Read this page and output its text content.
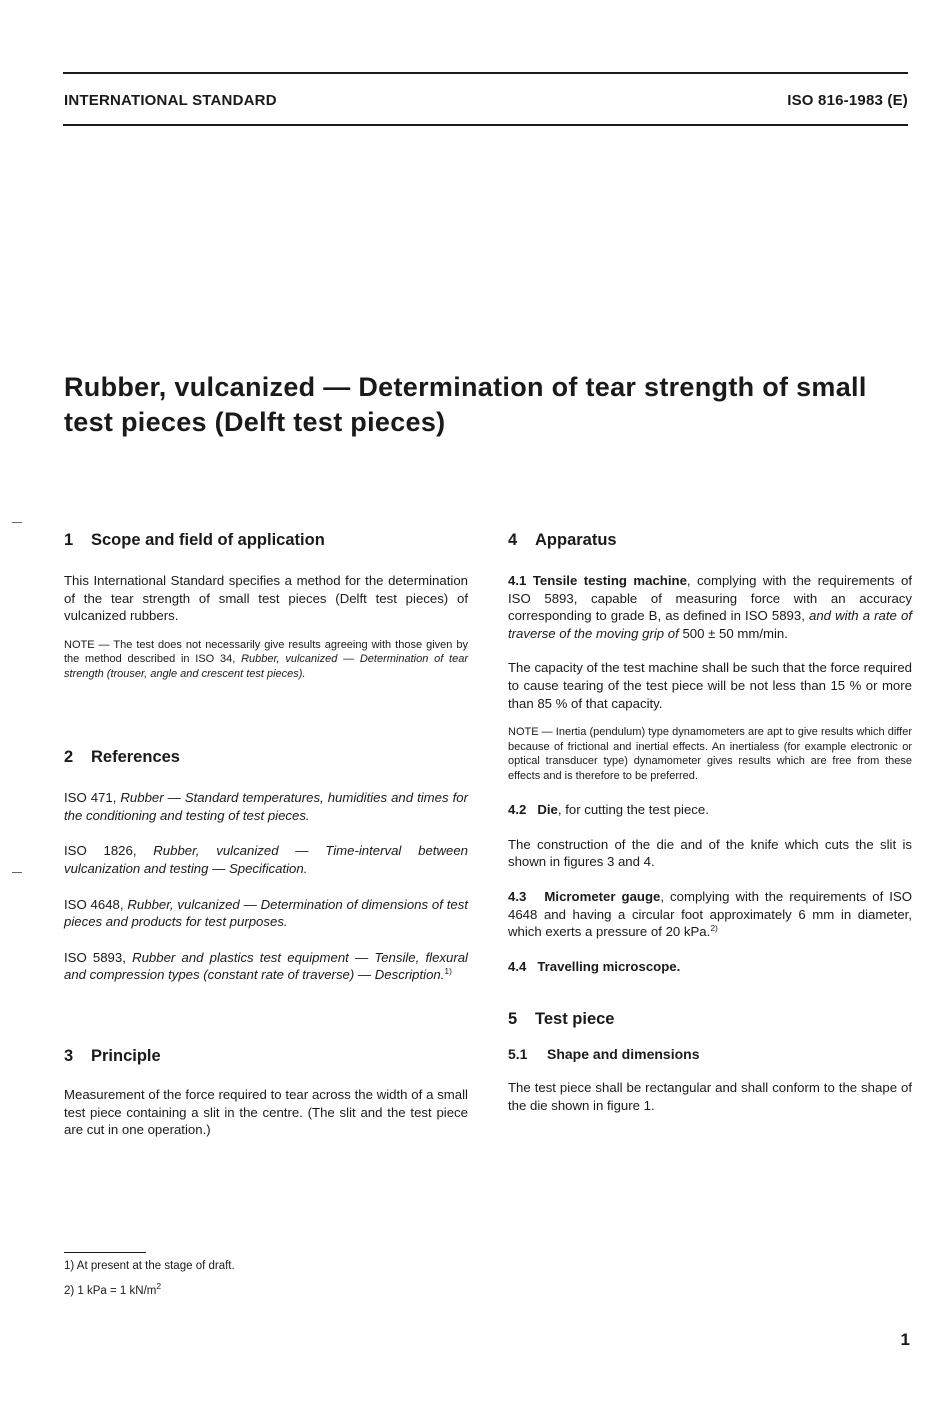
INTERNATIONAL STANDARD	ISO 816-1983 (E)
Rubber, vulcanized — Determination of tear strength of small test pieces (Delft test pieces)
1 Scope and field of application

This International Standard specifies a method for the determination of the tear strength of small test pieces (Delft test pieces) of vulcanized rubbers.

NOTE — The test does not necessarily give results agreeing with those given by the method described in ISO 34, Rubber, vulcanized — Determination of tear strength (trouser, angle and crescent test pieces).

2 References

ISO 471, Rubber — Standard temperatures, humidities and times for the conditioning and testing of test pieces.

ISO 1826, Rubber, vulcanized — Time-interval between vulcanization and testing — Specification.

ISO 4648, Rubber, vulcanized — Determination of dimensions of test pieces and products for test purposes.

ISO 5893, Rubber and plastics test equipment — Tensile, flexural and compression types (constant rate of traverse) — Description.$^{1)}$

3 Principle

Measurement of the force required to tear across the width of a small test piece containing a slit in the centre. (The slit and the test piece are cut in one operation.)

4 Apparatus

4.1 Tensile testing machine, complying with the requirements of ISO 5893, capable of measuring force with an accuracy corresponding to grade B, as defined in ISO 5893, and with a rate of traverse of the moving grip of 500 ± 50 mm/min.

The capacity of the test machine shall be such that the force required to cause tearing of the test piece will be not less than 15 % or more than 85 % of that capacity.

NOTE — Inertia (pendulum) type dynamometers are apt to give results which differ because of frictional and inertial effects. An inertialess (for example electronic or optical transducer type) dynamometer gives results which are free from these effects and is therefore to be preferred.

4.2 Die, for cutting the test piece.

The construction of the die and of the knife which cuts the slit is shown in figures 3 and 4.

4.3 Micrometer gauge, complying with the requirements of ISO 4648 and having a circular foot approximately 6 mm in diameter, which exerts a pressure of 20 kPa.$^{2)}$

4.4 Travelling microscope.

5 Test piece
5.1 Shape and dimensions

The test piece shall be rectangular and shall conform to the shape of the die shown in figure 1.

1) At present at the stage of draft.
2) 1 kPa = 1 $kN/m^2$
1
